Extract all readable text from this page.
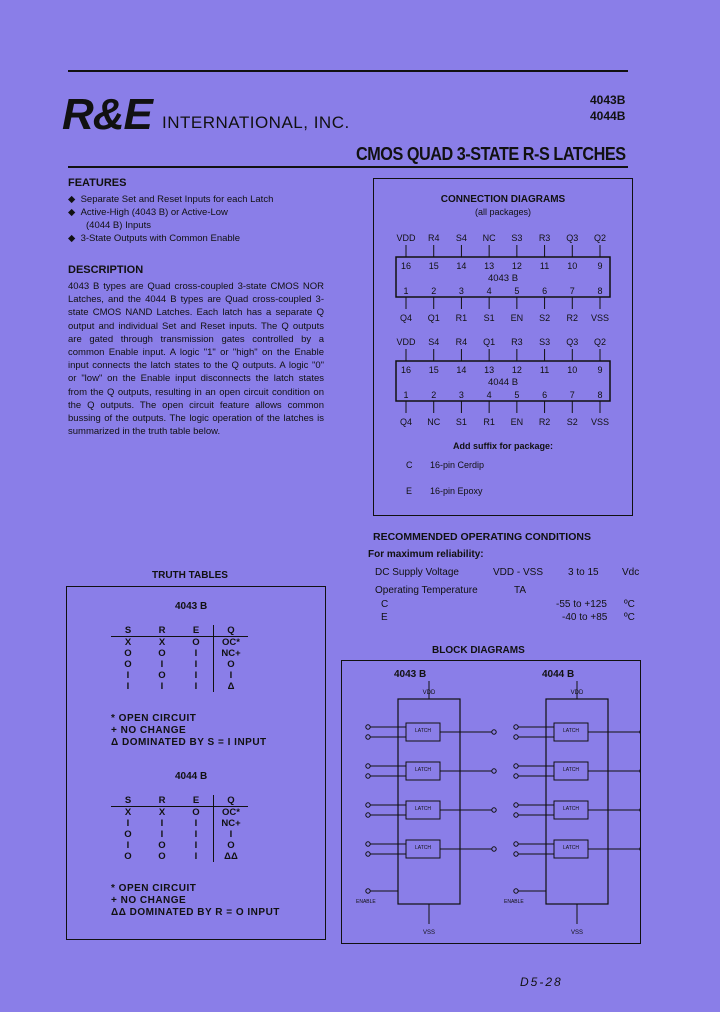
R&E INTERNATIONAL, INC.
4043B
4044B
CMOS QUAD 3-STATE R-S LATCHES
FEATURES
◆  Separate Set and Reset Inputs for each Latch
◆  Active-High (4043 B) or Active-Low
(4044 B) Inputs
◆  3-State Outputs with Common Enable
DESCRIPTION
4043 B types are Quad cross-coupled 3-state CMOS NOR Latches, and the 4044 B types are Quad cross-coupled 3-state CMOS NAND Latches. Each latch has a separate Q output and individual Set and Reset inputs. The Q outputs are gated through transmission gates controlled by a common Enable input. A logic "1" or "high" on the Enable input connects the latch states to the Q outputs. A logic "0" or "low" on the Enable input disconnects the latch states from the Q outputs, resulting in an open circuit condition on the Q outputs. The open circuit feature allows common bussing of the outputs. The logic operation of the latches is summarized in the truth table below.
CONNECTION DIAGRAMS
(all packages)
VDD
16
R4
15
S4
14
NC
13
S3
12
R3
11
Q3
10
Q2
9
4043 B
1
Q4
2
Q1
3
R1
4
S1
5
EN
6
S2
7
R2
8
VSS
VDD
16
S4
15
R4
14
Q1
13
R3
12
S3
11
Q3
10
Q2
9
4044 B
1
Q4
2
NC
3
S1
4
R1
5
EN
6
R2
7
S2
8
VSS
Add suffix for package:
C 16-pin Cerdip
E 16-pin Epoxy
RECOMMENDED OPERATING CONDITIONS
For maximum reliability:
DC Supply Voltage	VDD - VSS 3 to 15 Vdc
Operating Temperature	TA
C	-55 to +125 ºC
E	-40 to +85 ºC
TRUTH TABLES
4043 B
S	R	E	Q
X	X	O	OC*
O	O	I	NC+
O	I	I	O
I	O	I	I
I	I	I	Δ
* OPEN CIRCUIT
+ NO CHANGE
Δ DOMINATED BY S = I INPUT
4044 B
S	R	E	Q
X	X	O	OC*
I	I	I	NC+
O	I	I	I
I	O	I	O
O	O	I	ΔΔ
* OPEN CIRCUIT
+ NO CHANGE
ΔΔ DOMINATED BY R = O INPUT
BLOCK DIAGRAMS
4043 B	4044 B
VDD
VSS
LATCH
LATCH
LATCH
LATCH
ENABLE
VDD
VSS
LATCH
LATCH
LATCH
LATCH
ENABLE
D5-28
